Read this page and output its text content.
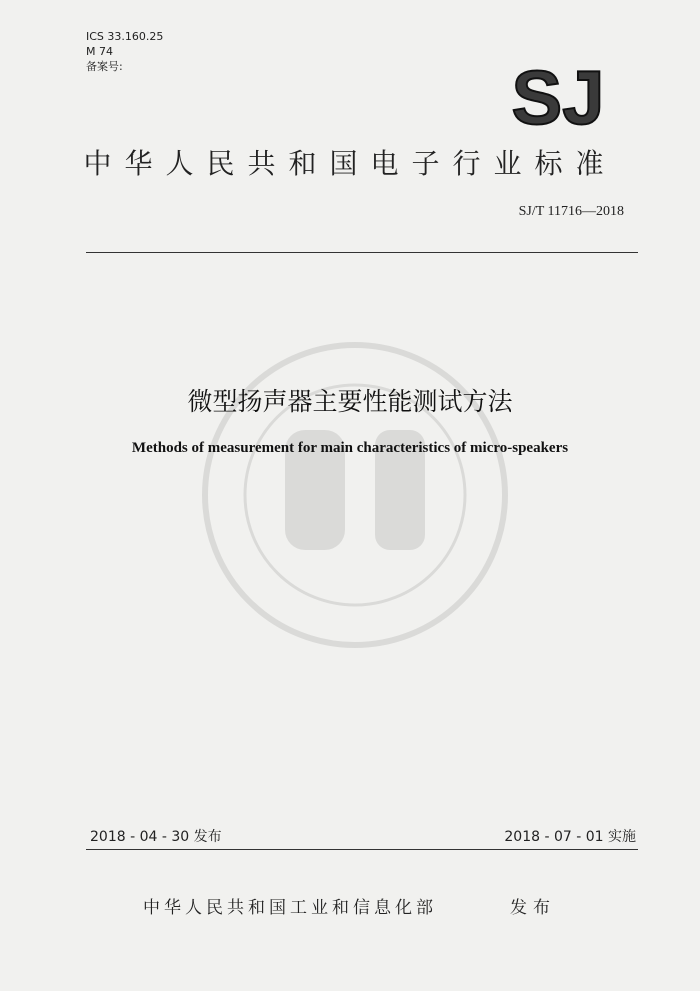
ICS 33.160.25
M 74
备案号:	SJ
中华人民共和国电子行业标准
SJ/T 11716—2018
微型扬声器主要性能测试方法
Methods of measurement for main characteristics of micro-speakers
2018 - 04 - 30 发布	2018 - 07 - 01 实施
中华人民共和国工业和信息化部	发布
